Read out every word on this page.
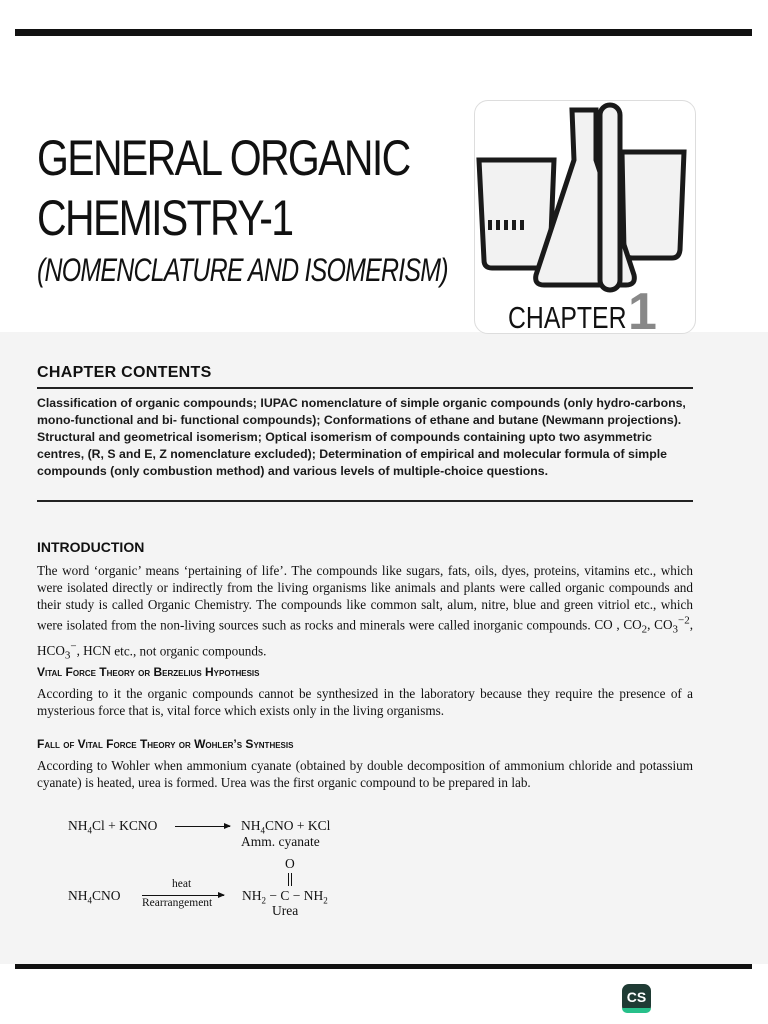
GENERAL ORGANIC
CHEMISTRY-1
(NOMENCLATURE AND ISOMERISM)
CHAPTER 1
CHAPTER CONTENTS
Classification of organic compounds; IUPAC nomenclature of simple organic compounds (only hydro-carbons, mono-functional and bi- functional compounds); Conformations of ethane and butane (Newmann projections). Structural and geometrical isomerism; Optical isomerism of compounds containing upto two asymmetric centres, (R, S and E, Z nomenclature excluded); Determination of empirical and molecular formula of simple compounds (only combustion method) and various levels of multiple-choice questions.
INTRODUCTION
The word ‘organic’ means ‘pertaining of life’. The compounds like sugars, fats, oils, dyes, proteins, vitamins etc., which were isolated directly or indirectly from the living organisms like animals and plants were called organic compounds and their study is called Organic Chemistry. The compounds like common salt, alum, nitre, blue and green vitriol etc., which were isolated from the non-living sources such as rocks and minerals were called inorganic compounds. CO , $CO_2$, $CO_3^{-2}$, $HCO_3^-$, HCN etc., not organic compounds.
Vital Force Theory or Berzelius Hypothesis
According to it the organic compounds cannot be synthesized in the laboratory because they require the presence of a mysterious force that is, vital force which exists only in the living organisms.
Fall of Vital Force Theory or Wohler’s Synthesis
According to Wohler when ammonium cyanate (obtained by double decomposition of ammonium chloride and potassium cyanate) is heated, urea is formed. Urea was the first organic compound to be prepared in lab.
$NH_4Cl$ + KCNO → $NH_4CNO$ + KCl
Amm. cyanate
$NH_4CNO$
heat
Rearrangement
O
$NH_2 - C - NH_2$
Urea
CS
